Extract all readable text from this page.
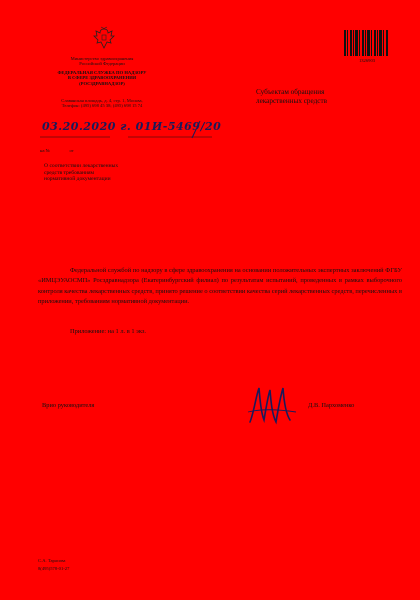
Министерство здравоохранения
Российской Федерации
ФЕДЕРАЛЬНАЯ СЛУЖБА ПО НАДЗОРУ
В СФЕРЕ ЗДРАВООХРАНЕНИЯ
(РОСЗДРАВНАДЗОР)
Славянская площадь, д. 4, стр. 1, Москва,
Телефон: (495) 698 45 38; (495) 698 15 74
1326903
Субъектам обращения
лекарственных средств
03.20.2020 г. 01И-5469/20
на №                 от
О соответствии лекарственных
средств требованиям
нормативной документации
Федеральной службой по надзору в сфере здравоохранения на основании положительных экспертных заключений ФГБУ «ИМЦЭУАОСМП» Росздравнадзора (Екатеринбургский филиал) по результатам испытаний, проведенных в рамках выборочного контроля качества лекарственных средств, принято решение о соответствии качества серий лекарственных средств, перечисленных в приложении, требованиям нормативной документации.
Приложение: на 1 л. в 1 экз.
Врио руководителя	Д.В. Пархоменко
С.А. Тарасова
8(495)578-01-27
